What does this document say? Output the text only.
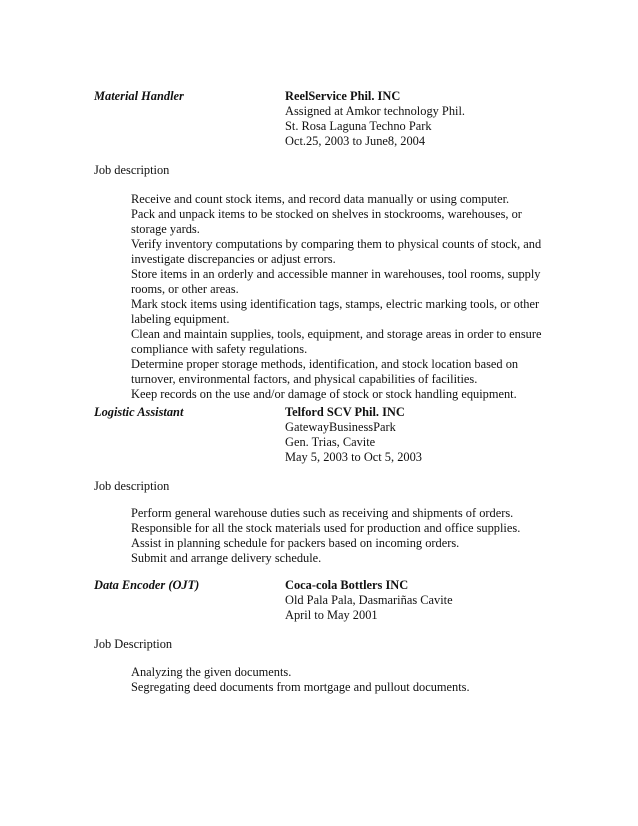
Material Handler	ReelService Phil. INC
Assigned at Amkor technology Phil.
St. Rosa Laguna Techno Park
Oct.25, 2003 to June8, 2004
Job description
Receive and count stock items, and record data manually or using computer.
Pack and unpack items to be stocked on shelves in stockrooms, warehouses, or storage yards.
Verify inventory computations by comparing them to physical counts of stock, and investigate discrepancies or adjust errors.
Store items in an orderly and accessible manner in warehouses, tool rooms, supply rooms, or other areas.
Mark stock items using identification tags, stamps, electric marking tools, or other labeling equipment.
Clean and maintain supplies, tools, equipment, and storage areas in order to ensure compliance with safety regulations.
Determine proper storage methods, identification, and stock location based on turnover, environmental factors, and physical capabilities of facilities.
Keep records on the use and/or damage of stock or stock handling equipment.
Logistic Assistant	Telford SCV Phil. INC
GatewayBusinessPark
Gen. Trias, Cavite
May 5, 2003 to Oct 5, 2003
Job description
Perform general warehouse duties such as receiving and shipments of orders.
Responsible for all the stock materials used for production and office supplies.
Assist in planning schedule for packers based on incoming orders.
Submit and arrange delivery schedule.
Data Encoder (OJT)	Coca-cola Bottlers INC
Old Pala Pala, Dasmariñas Cavite
April to May 2001
Job Description
Analyzing the given documents.
Segregating deed documents from mortgage and pullout documents.
